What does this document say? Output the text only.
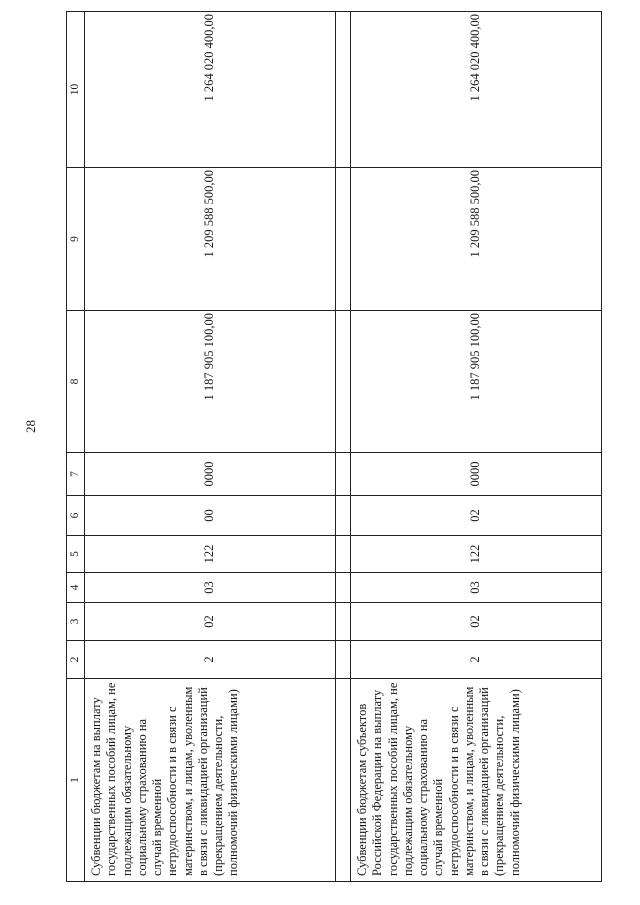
28
1	2	3	4	5	6	7	8	9	10
Субвенции бюджетам на выплату государственных пособий лицам, не подлежащим обязательному социальному страхованию на случай временной нетрудоспособности и в связи с материнством, и лицам, уволенным в связи с ликвидацией организаций (прекращением деятельности, полномочий физическими лицами)	2	02	03	122	00	0000	1 187 905 100,00	1 209 588 500,00	1 264 020 400,00

Субвенции бюджетам субъектов Российской Федерации на выплату государственных пособий лицам, не подлежащим обязательному социальному страхованию на случай временной нетрудоспособности и в связи с материнством, и лицам, уволенным в связи с ликвидацией организаций (прекращением деятельности, полномочий физическими лицами)	2	02	03	122	02	0000	1 187 905 100,00	1 209 588 500,00	1 264 020 400,00
